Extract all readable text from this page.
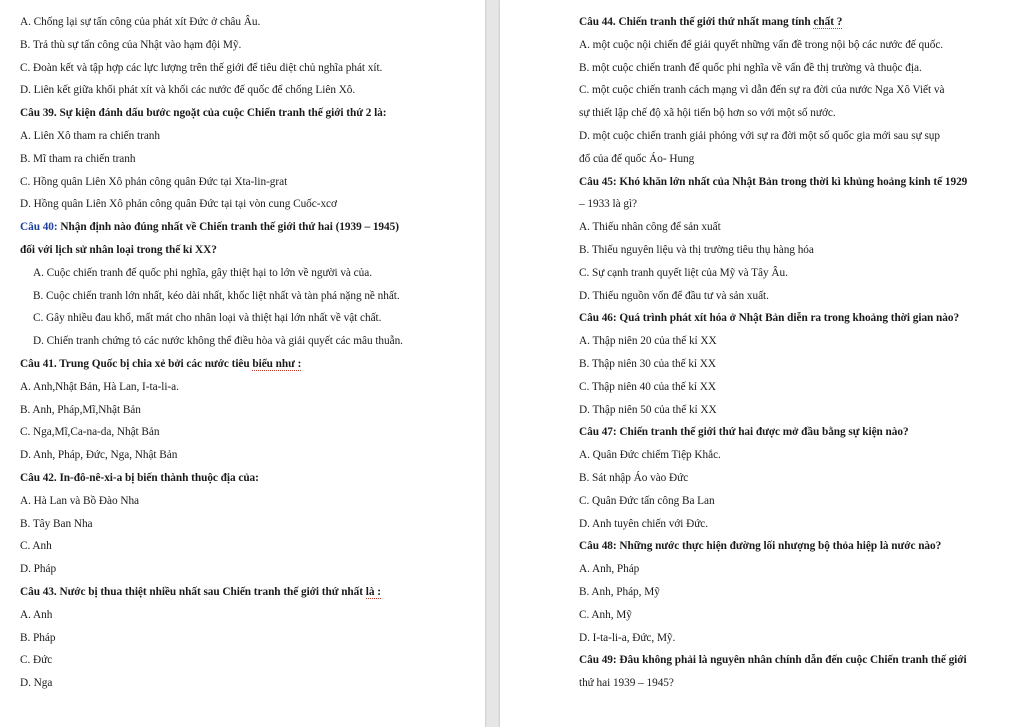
A. Chống lại sự tấn công của phát xít Đức ở châu Âu.
B. Trả thù sự tấn công của Nhật vào hạm đội Mỹ.
C. Đoàn kết và tập hợp các lực lượng trên thế giới để tiêu diệt chủ nghĩa phát xít.
D. Liên kết giữa khối phát xít và khối các nước đế quốc để chống Liên Xô.
Câu 39. Sự kiện đánh dấu bước ngoặt của cuộc Chiến tranh thế giới thứ 2 là:
A. Liên Xô tham ra chiến tranh
B. Mĩ tham ra chiến tranh
C. Hồng quân Liên Xô phản công quân Đức tại Xta-lin-grat
D. Hồng quân Liên Xô phản công quân Đức tại tại vòn cung Cuốc-xcơ
Câu 40: Nhận định nào đúng nhất về Chiến tranh thế giới thứ hai (1939 – 1945)
đối với lịch sử nhân loại trong thế kỉ XX?
A. Cuộc chiến tranh đế quốc phi nghĩa, gây thiệt hại to lớn về người và của.
B. Cuộc chiến tranh lớn nhất, kéo dài nhất, khốc liệt nhất và tàn phá nặng nề nhất.
C. Gây nhiều đau khổ, mất mát cho nhân loại và thiệt hại lớn nhất về vật chất.
D. Chiến tranh chứng tỏ các nước không thể điều hòa và giải quyết các mâu thuẫn.
Câu 41. Trung Quốc bị chia xẻ bởi các nước tiêu biểu như :
A. Anh,Nhật Bản, Hà Lan, I-ta-li-a.
B. Anh, Pháp,Mĩ,Nhật Bản
C. Nga,Mĩ,Ca-na-da, Nhật Bản
D. Anh, Pháp, Đức, Nga, Nhật Bản
Câu 42. In-đô-nê-xi-a bị biến thành thuộc địa của:
A. Hà Lan và Bồ Đào Nha
B. Tây Ban Nha
C. Anh
D. Pháp
Câu 43. Nước bị thua thiệt nhiều nhất sau Chiến tranh thế giới thứ nhất là :
A. Anh
B. Pháp
C. Đức
D. Nga
Câu 44. Chiến tranh thế giới thứ nhất mang tính chất ?
A. một cuộc nội chiến để giải quyết những vấn đề trong nội bộ các nước đế quốc.
B. một cuộc chiến tranh đế quốc phi nghĩa về vấn đề thị trường và thuộc địa.
C. một cuộc chiến tranh cách mạng vì dẫn đến sự ra đời của nước Nga Xô Viết và
sự thiết lập chế độ xã hội tiến bộ hơn so với một số nước.
D. một cuộc chiến tranh giải phóng với sự ra đời một số quốc gia mới sau sự sụp
đổ của đế quốc Áo- Hung
Câu 45: Khó khăn lớn nhất của Nhật Bản trong thời kì khủng hoảng kinh tế 1929
– 1933 là gì?
A. Thiếu nhân công để sản xuất
B. Thiếu nguyên liệu và thị trường tiêu thụ hàng hóa
C. Sự cạnh tranh quyết liệt của Mỹ và Tây Âu.
D. Thiếu nguồn vốn để đầu tư và sản xuất.
Câu 46: Quá trình phát xít hóa ở Nhật Bản diễn ra trong khoảng thời gian nào?
A. Thập niên 20 của thế kỉ XX
B. Thập niên 30 của thế kỉ XX
C. Thập niên 40 của thế kỉ XX
D. Thập niên 50 của thế kỉ XX
Câu 47: Chiến tranh thế giới thứ hai được mở đầu bằng sự kiện nào?
A. Quân Đức chiếm Tiệp Khắc.
B. Sát nhập Áo vào Đức
C. Quân Đức tấn công Ba Lan
D. Anh tuyên chiến với Đức.
Câu 48: Những nước thực hiện đường lối nhượng bộ thỏa hiệp là nước nào?
A. Anh, Pháp
B. Anh, Pháp, Mỹ
C. Anh, Mỹ
D. I-ta-li-a, Đức, Mỹ.
Câu 49: Đâu không phải là nguyên nhân chính dẫn đến cuộc Chiến tranh thế giới
thứ hai 1939 – 1945?
